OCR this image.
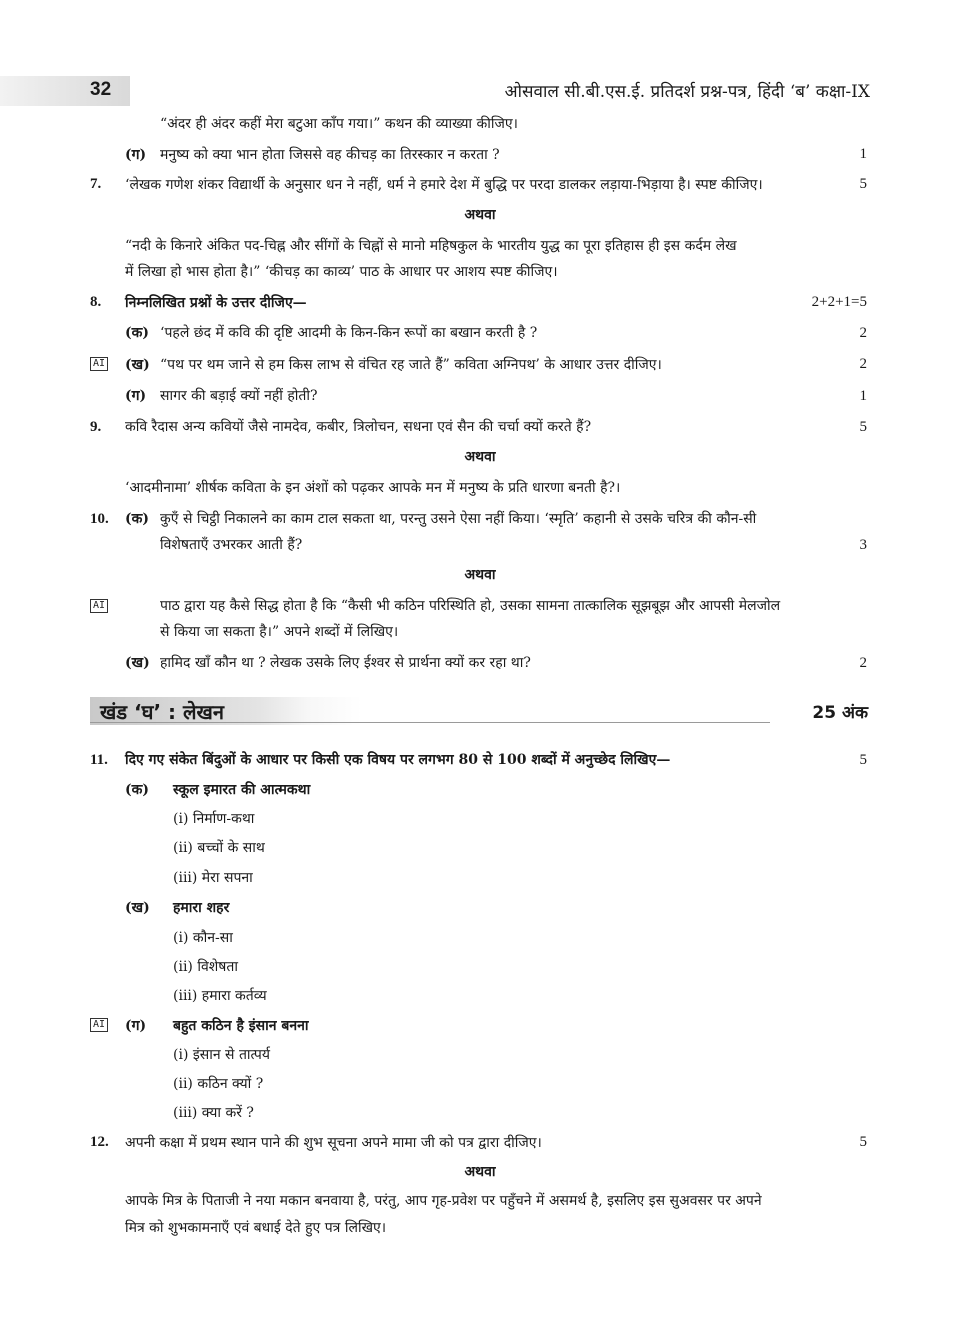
32	ओसवाल सी.बी.एस.ई. प्रतिदर्श प्रश्न-पत्र, हिंदी ‘ब’ कक्षा-IX
“अंदर ही अंदर कहीं मेरा बटुआ काँप गया।” कथन की व्याख्या कीजिए।
(ग) मनुष्य को क्या भान होता जिससे वह कीचड़ का तिरस्कार न करता ?	1
7. ‘लेखक गणेश शंकर विद्यार्थी के अनुसार धन ने नहीं, धर्म ने हमारे देश में बुद्धि पर परदा डालकर लड़ाया-भिड़ाया है। स्पष्ट कीजिए।	5
अथवा
“नदी के किनारे अंकित पद-चिह्न और सींगों के चिह्नों से मानो महिषकुल के भारतीय युद्ध का पूरा इतिहास ही इस कर्दम लेख
में लिखा हो भास होता है।” ‘कीचड़ का काव्य’ पाठ के आधार पर आशय स्पष्ट कीजिए।
8. निम्नलिखित प्रश्नों के उत्तर दीजिए—	2+2+1=5
(क) ‘पहले छंद में कवि की दृष्टि आदमी के किन-किन रूपों का बखान करती है ?	2
AI (ख) “पथ पर थम जाने से हम किस लाभ से वंचित रह जाते हैं” कविता अग्निपथ’ के आधार उत्तर दीजिए।	2
(ग) सागर की बड़ाई क्यों नहीं होती?	1
9. कवि रैदास अन्य कवियों जैसे नामदेव, कबीर, त्रिलोचन, सधना एवं सैन की चर्चा क्यों करते हैं?	5
अथवा
‘आदमीनामा’ शीर्षक कविता के इन अंशों को पढ़कर आपके मन में मनुष्य के प्रति धारणा बनती है?।
10. (क) कुएँ से चिट्ठी निकालने का काम टाल सकता था, परन्तु उसने ऐसा नहीं किया। ‘स्मृति’ कहानी से उसके चरित्र की कौन-सी
विशेषताएँ उभरकर आती हैं?	3
अथवा
AI	पाठ द्वारा यह कैसे सिद्ध होता है कि “कैसी भी कठिन परिस्थिति हो, उसका सामना तात्कालिक सूझबूझ और आपसी मेलजोल
से किया जा सकता है।” अपने शब्दों में लिखिए।
(ख) हामिद खाँ कौन था ? लेखक उसके लिए ईश्वर से प्रार्थना क्यों कर रहा था?	2
खंड ‘घ’ : लेखन	25 अंक
11. दिए गए संकेत बिंदुओं के आधार पर किसी एक विषय पर लगभग 80 से 100 शब्दों में अनुच्छेद लिखिए—	5
(क) स्कूल इमारत की आत्मकथा
(i) निर्माण-कथा
(ii) बच्चों के साथ
(iii) मेरा सपना
(ख) हमारा शहर
(i) कौन-सा
(ii) विशेषता
(iii) हमारा कर्तव्य
AI (ग) बहुत कठिन है इंसान बनना
(i) इंसान से तात्पर्य
(ii) कठिन क्यों ?
(iii) क्या करें ?
12. अपनी कक्षा में प्रथम स्थान पाने की शुभ सूचना अपने मामा जी को पत्र द्वारा दीजिए।	5
अथवा
आपके मित्र के पिताजी ने नया मकान बनवाया है, परंतु, आप गृह-प्रवेश पर पहुँचने में असमर्थ है, इसलिए इस सुअवसर पर अपने
मित्र को शुभकामनाएँ एवं बधाई देते हुए पत्र लिखिए।
